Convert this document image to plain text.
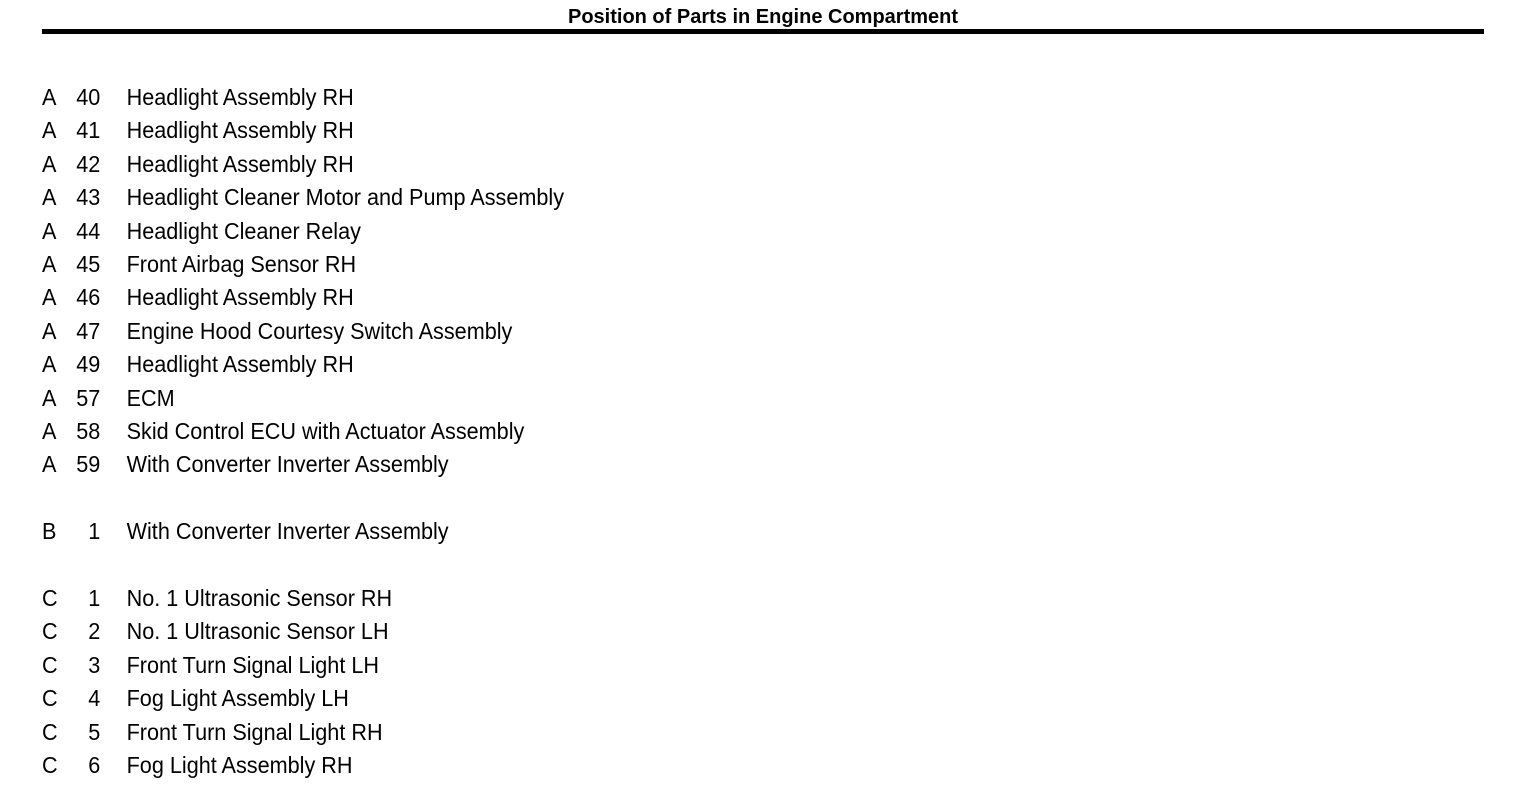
Position of Parts in Engine Compartment
A 40 Headlight Assembly RH
A 41 Headlight Assembly RH
A 42 Headlight Assembly RH
A 43 Headlight Cleaner Motor and Pump Assembly
A 44 Headlight Cleaner Relay
A 45 Front Airbag Sensor RH
A 46 Headlight Assembly RH
A 47 Engine Hood Courtesy Switch Assembly
A 49 Headlight Assembly RH
A 57 ECM
A 58 Skid Control ECU with Actuator Assembly
A 59 With Converter Inverter Assembly
B	1 With Converter Inverter Assembly
C	1 No. 1 Ultrasonic Sensor RH
C	2 No. 1 Ultrasonic Sensor LH
C	3 Front Turn Signal Light LH
C	4 Fog Light Assembly LH
C	5 Front Turn Signal Light RH
C	6 Fog Light Assembly RH
